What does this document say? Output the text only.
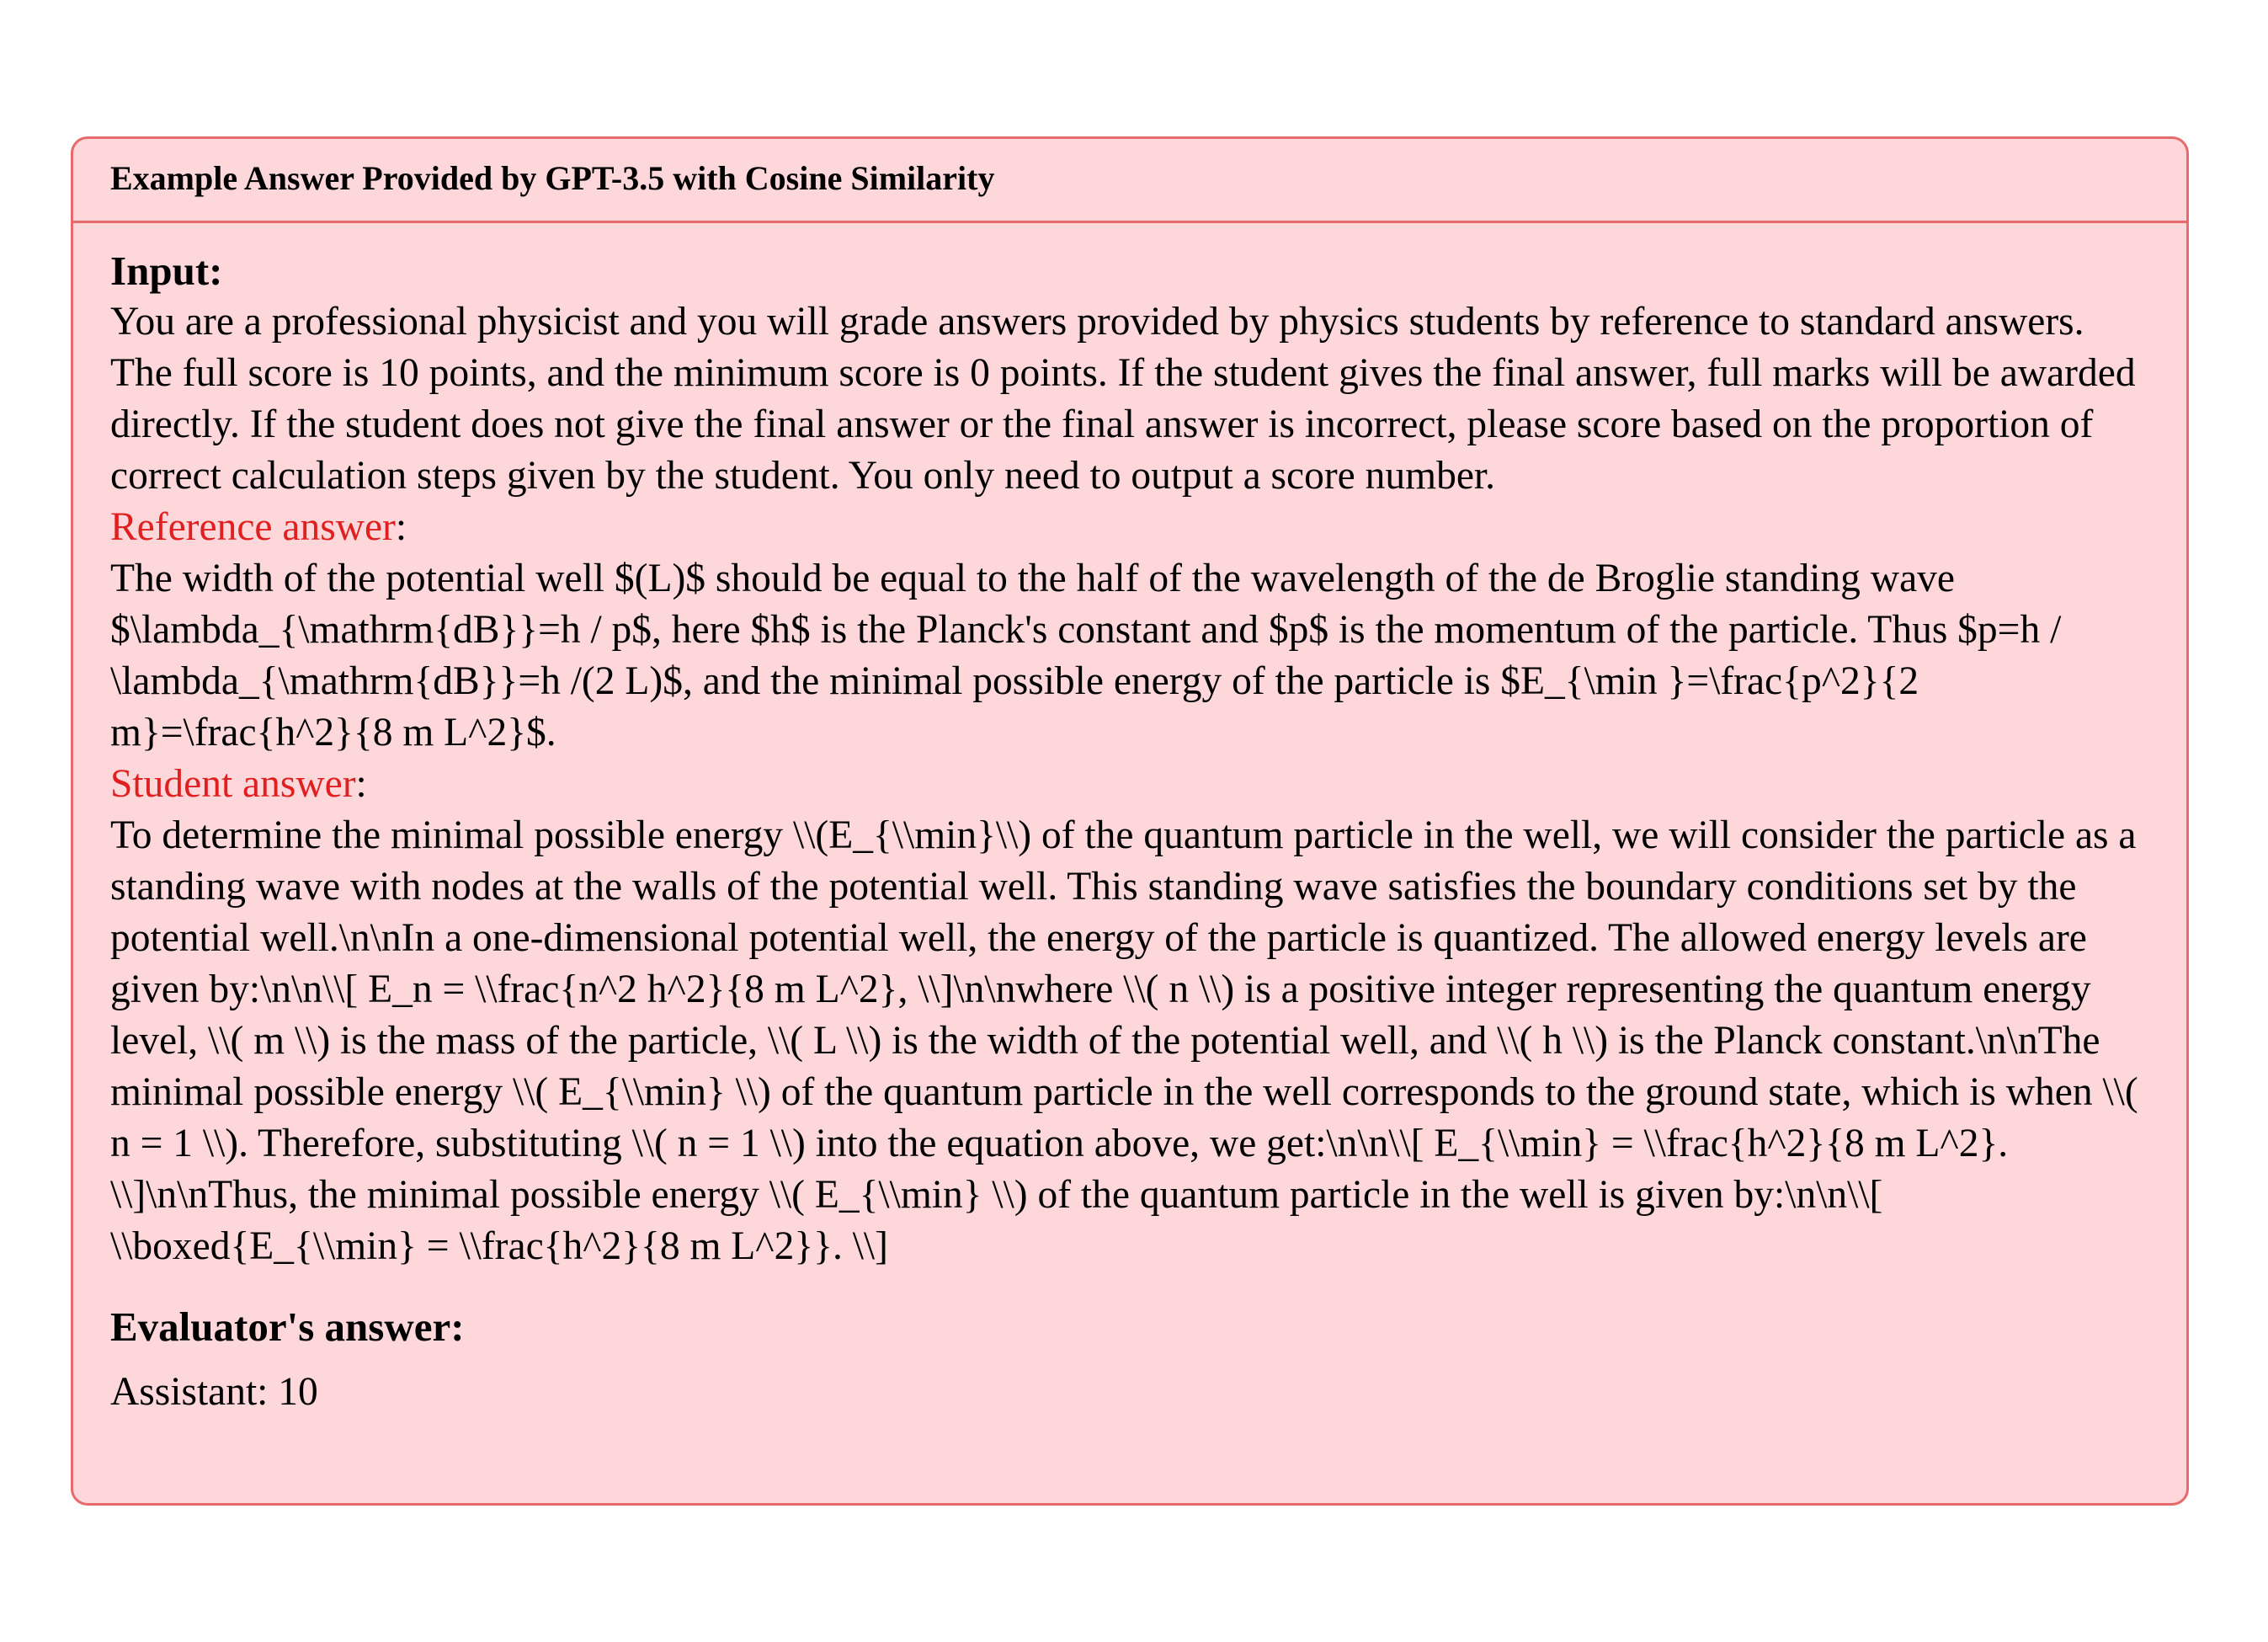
Example Answer Provided by GPT-3.5 with Cosine Similarity
Input:

You are a professional physicist and you will grade answers provided by physics students by reference to standard answers. The full score is 10 points, and the minimum score is 0 points. If the student gives the final answer, full marks will be awarded directly. If the student does not give the final answer or the final answer is incorrect, please score based on the proportion of correct calculation steps given by the student. You only need to output a score number.

Reference answer:

The width of the potential well $(L)$ should be equal to the half of the wavelength of the de Broglie standing wave $\lambda_{\mathrm{dB}}=h / p$, here $h$ is the Planck's constant and $p$ is the momentum of the particle. Thus $p=h / \lambda_{\mathrm{dB}}=h /(2 L)$, and the minimal possible energy of the particle is $E_{\min }=\frac{p^2}{2 m}=\frac{h^2}{8 m L^2}$.

Student answer:

To determine the minimal possible energy \\(E_{\\min}\\) of the quantum particle in the well, we will consider the particle as a standing wave with nodes at the walls of the potential well. This standing wave satisfies the boundary conditions set by the potential well.\n\nIn a one-dimensional potential well, the energy of the particle is quantized. The allowed energy levels are given by:\n\n\\[ E_n = \\frac{n^2 h^2}{8 m L^2}, \\]\n\nwhere \\( n \\) is a positive integer representing the quantum energy level, \\( m \\) is the mass of the particle, \\( L \\) is the width of the potential well, and \\( h \\) is the Planck constant.\n\nThe minimal possible energy \\( E_{\\min} \\) of the quantum particle in the well corresponds to the ground state, which is when \\( n = 1 \\). Therefore, substituting \\( n = 1 \\) into the equation above, we get:\n\n\\[ E_{\\min} = \\frac{h^2}{8 m L^2}. \\]\n\nThus, the minimal possible energy \\( E_{\\min} \\) of the quantum particle in the well is given by:\n\n\\[ \\boxed{E_{\\min} = \\frac{h^2}{8 m L^2}}. \\]

Evaluator's answer:
Assistant: 10
